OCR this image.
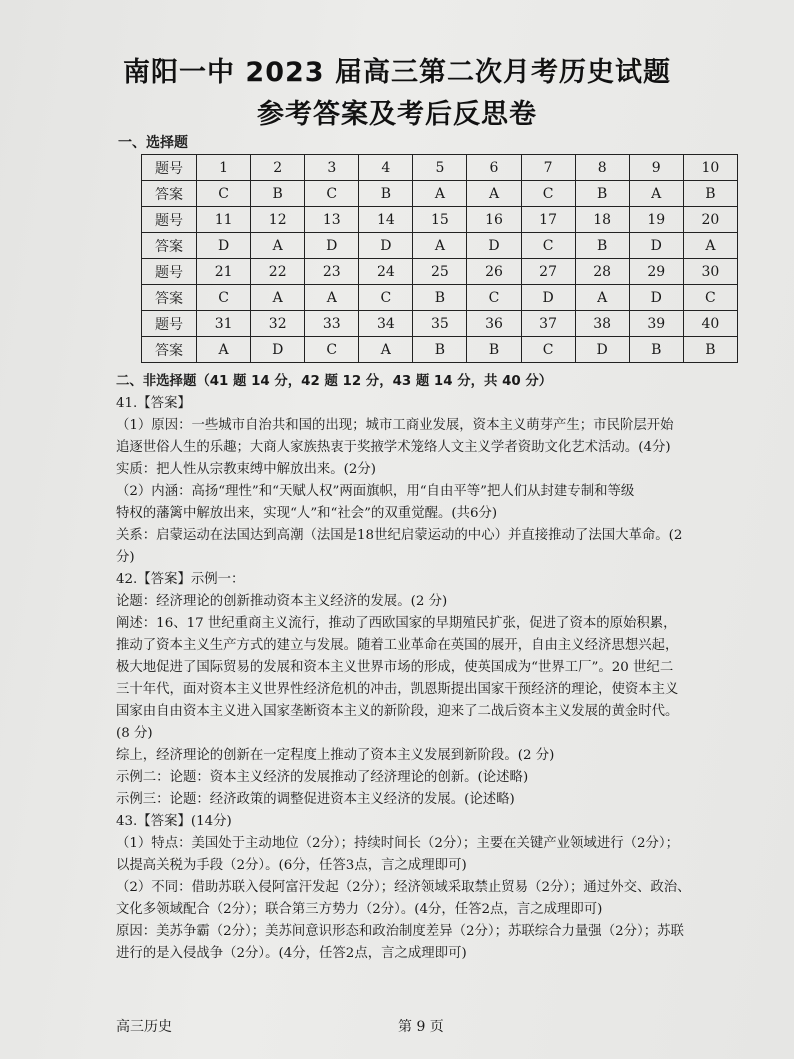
南阳一中 2023 届高三第二次月考历史试题
参考答案及考后反思卷
一、选择题
题号	1	2	3	4	5	6	7	8	9	10
答案	C	B	C	B	A	A	C	B	A	B
题号	11	12	13	14	15	16	17	18	19	20
答案	D	A	D	D	A	D	C	B	D	A
题号	21	22	23	24	25	26	27	28	29	30
答案	C	A	A	C	B	C	D	A	D	C
题号	31	32	33	34	35	36	37	38	39	40
答案	A	D	C	A	B	B	C	D	B	B

二、非选择题（41 题 14 分，42 题 12 分，43 题 14 分，共 40 分）

41.【答案】

（1）原因：一些城市自治共和国的出现；城市工商业发展，资本主义萌芽产生；市民阶层开始

追逐世俗人生的乐趣；大商人家族热衷于奖掖学术笼络人文主义学者资助文化艺术活动。(4分)

实质：把人性从宗教束缚中解放出来。(2分)

（2）内涵：高扬“理性”和“天赋人权”两面旗帜，用“自由平等”把人们从封建专制和等级

特权的藩篱中解放出来，实现“人”和“社会”的双重觉醒。(共6分)

关系：启蒙运动在法国达到高潮（法国是18世纪启蒙运动的中心）并直接推动了法国大革命。(2

分)

42.【答案】示例一：

论题：经济理论的创新推动资本主义经济的发展。(2 分)

阐述：16、17 世纪重商主义流行，推动了西欧国家的早期殖民扩张，促进了资本的原始积累，

推动了资本主义生产方式的建立与发展。随着工业革命在英国的展开，自由主义经济思想兴起，

极大地促进了国际贸易的发展和资本主义世界市场的形成，使英国成为“世界工厂”。20 世纪二

三十年代，面对资本主义世界性经济危机的冲击，凯恩斯提出国家干预经济的理论，使资本主义

国家由自由资本主义进入国家垄断资本主义的新阶段，迎来了二战后资本主义发展的黄金时代。

(8 分)

综上，经济理论的创新在一定程度上推动了资本主义发展到新阶段。(2 分)

示例二：论题：资本主义经济的发展推动了经济理论的创新。(论述略)

示例三：论题：经济政策的调整促进资本主义经济的发展。(论述略)

43.【答案】(14分)

（1）特点：美国处于主动地位（2分）；持续时间长（2分）；主要在关键产业领域进行（2分）；

以提高关税为手段（2分）。(6分，任答3点，言之成理即可)

（2）不同：借助苏联入侵阿富汗发起（2分）；经济领域采取禁止贸易（2分）；通过外交、政治、

文化多领域配合（2分）；联合第三方势力（2分）。(4分，任答2点，言之成理即可)

原因：美苏争霸（2分）；美苏间意识形态和政治制度差异（2分）；苏联综合力量强（2分）；苏联

进行的是入侵战争（2分）。(4分，任答2点，言之成理即可)

高三历史	第 9 页
